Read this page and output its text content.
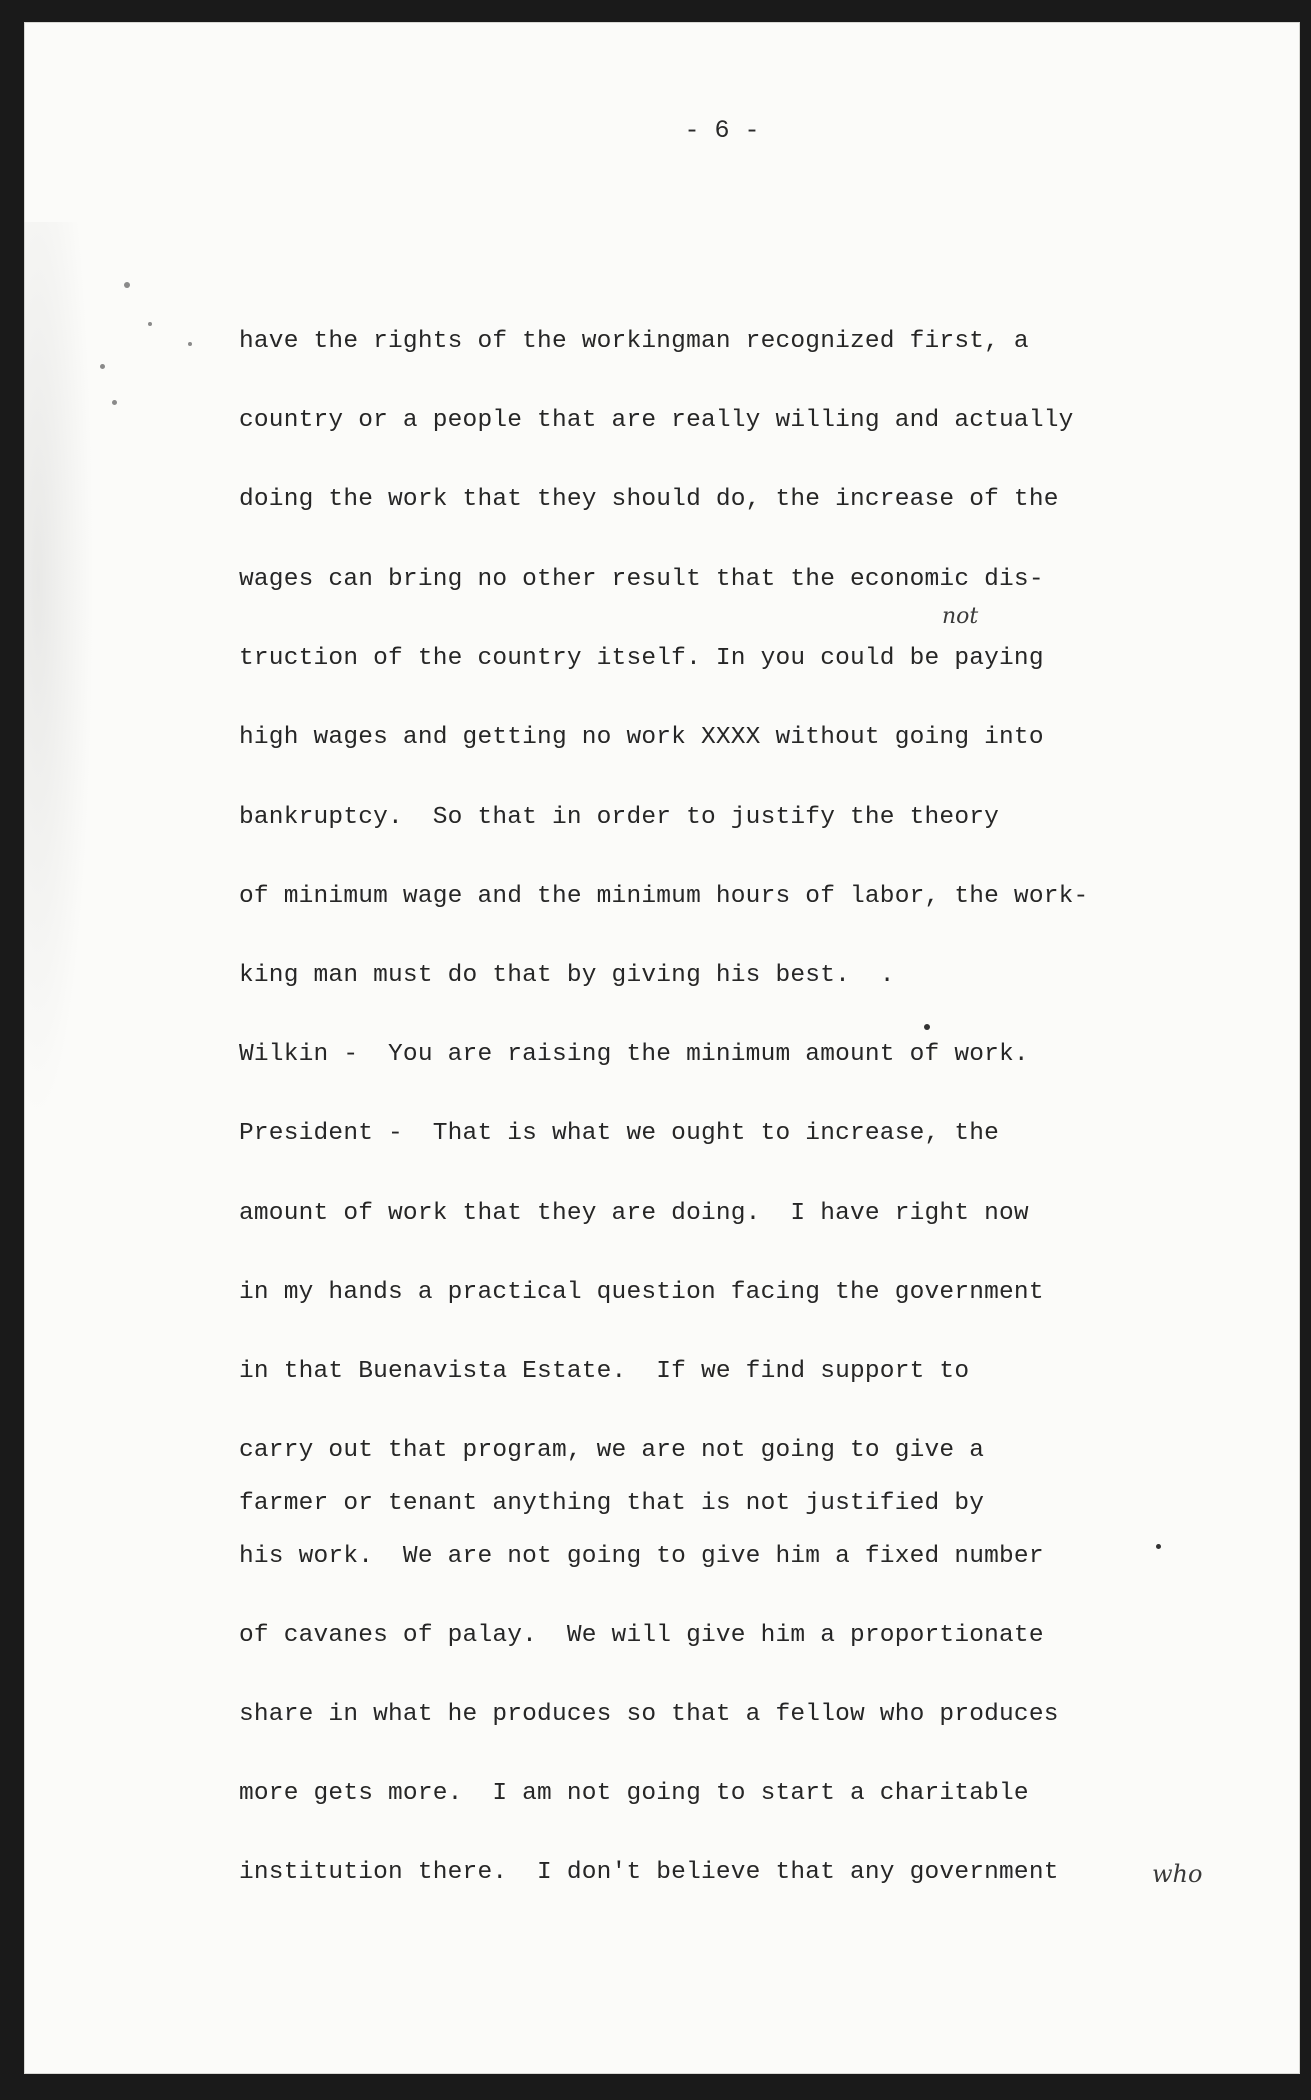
- 6 -
have the rights of the workingman recognized first, a
country or a people that are really willing and actually
doing the work that they should do, the increase of the
wages can bring no other result that the economic dis-
truction of the country itself. In you could be paying
high wages and getting no work XXXX without going into
bankruptcy.  So that in order to justify the theory
of minimum wage and the minimum hours of labor, the work-
king man must do that by giving his best.  .
Wilkin -  You are raising the minimum amount of work.
President -  That is what we ought to increase, the
amount of work that they are doing.  I have right now
in my hands a practical question facing the government
in that Buenavista Estate.  If we find support to
carry out that program, we are not going to give a
farmer or tenant anything that is not justified by
his work.  We are not going to give him a fixed number
of cavanes of palay.  We will give him a proportionate
share in what he produces so that a fellow who produces
more gets more.  I am not going to start a charitable
institution there.  I don't believe that any government
not
who
